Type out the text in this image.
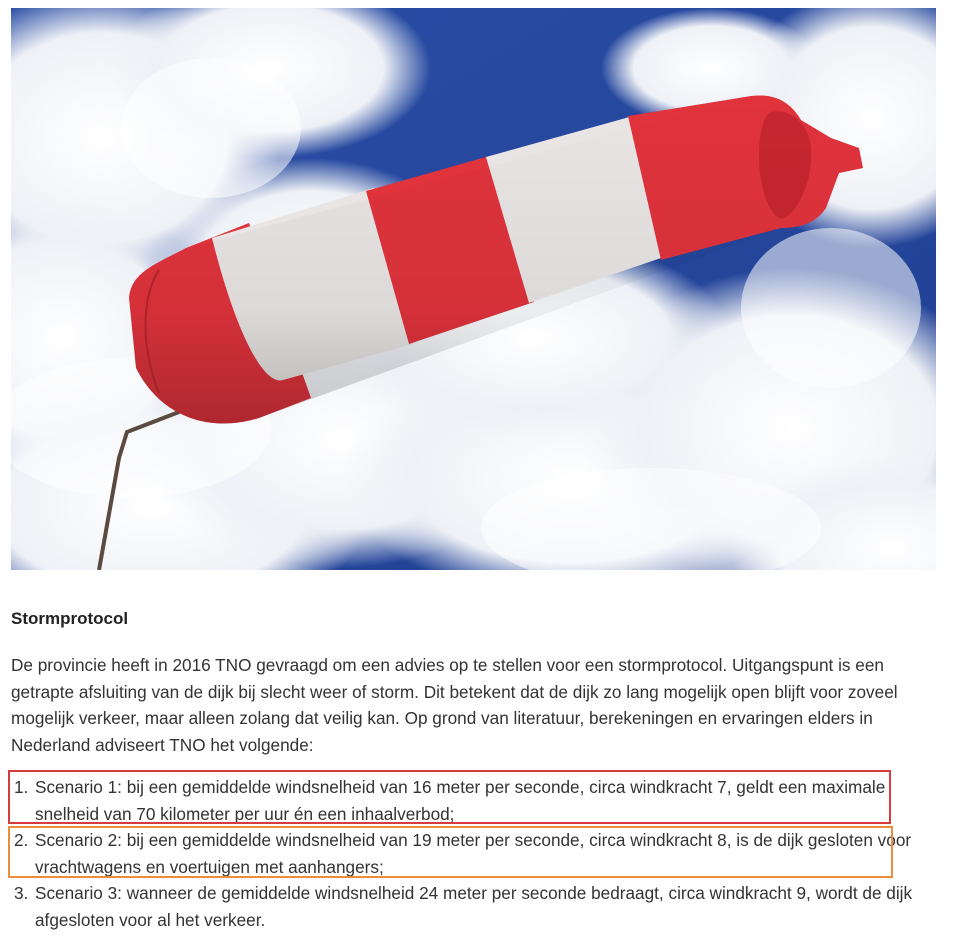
Stormprotocol

De provincie heeft in 2016 TNO gevraagd om een advies op te stellen voor een stormprotocol. Uitgangspunt is een getrapte afsluiting van de dijk bij slecht weer of storm. Dit betekent dat de dijk zo lang mogelijk open blijft voor zoveel mogelijk verkeer, maar alleen zolang dat veilig kan. Op grond van literatuur, berekeningen en ervaringen elders in Nederland adviseert TNO het volgende:

1. Scenario 1: bij een gemiddelde windsnelheid van 16 meter per seconde, circa windkracht 7, geldt een maximale snelheid van 70 kilometer per uur én een inhaalverbod;
2. Scenario 2: bij een gemiddelde windsnelheid van 19 meter per seconde, circa windkracht 8, is de dijk gesloten voor vrachtwagens en voertuigen met aanhangers;
3. Scenario 3: wanneer de gemiddelde windsnelheid 24 meter per seconde bedraagt, circa windkracht 9, wordt de dijk afgesloten voor al het verkeer.
